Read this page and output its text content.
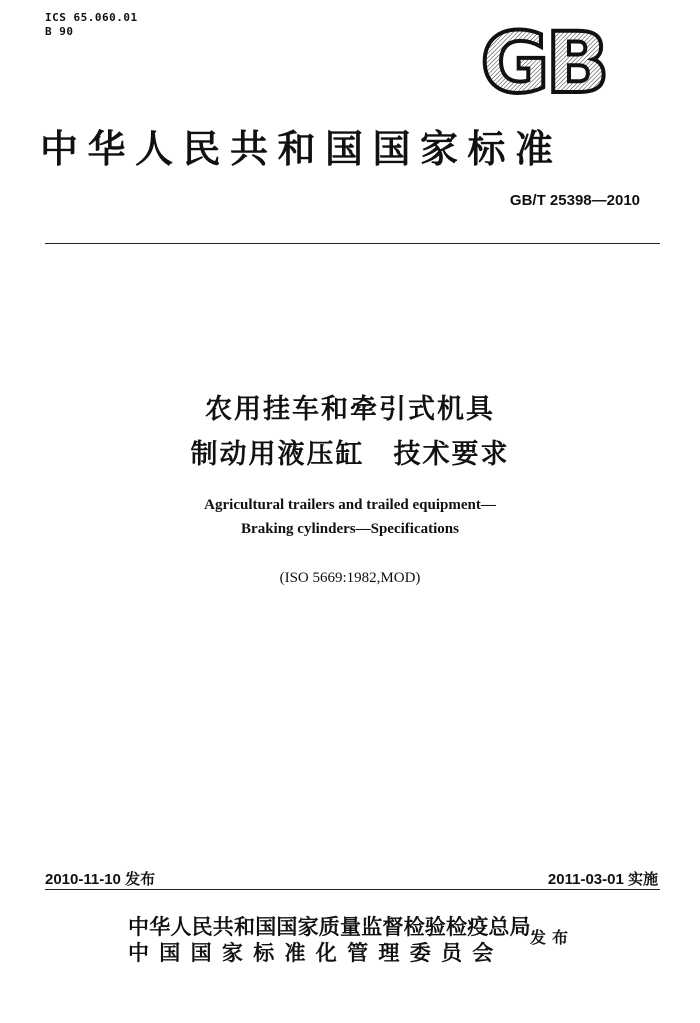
ICS 65.060.01
B 90	GB
中华人民共和国国家标准
GB/T 25398—2010
农用挂车和牵引式机具
制动用液压缸　技术要求
Agricultural trailers and trailed equipment—
Braking cylinders—Specifications
(ISO 5669:1982,MOD)
2010-11-10 发布	2011-03-01 实施
中华人民共和国国家质量监督检验检疫总局
中国国家标准化管理委员会
发布
